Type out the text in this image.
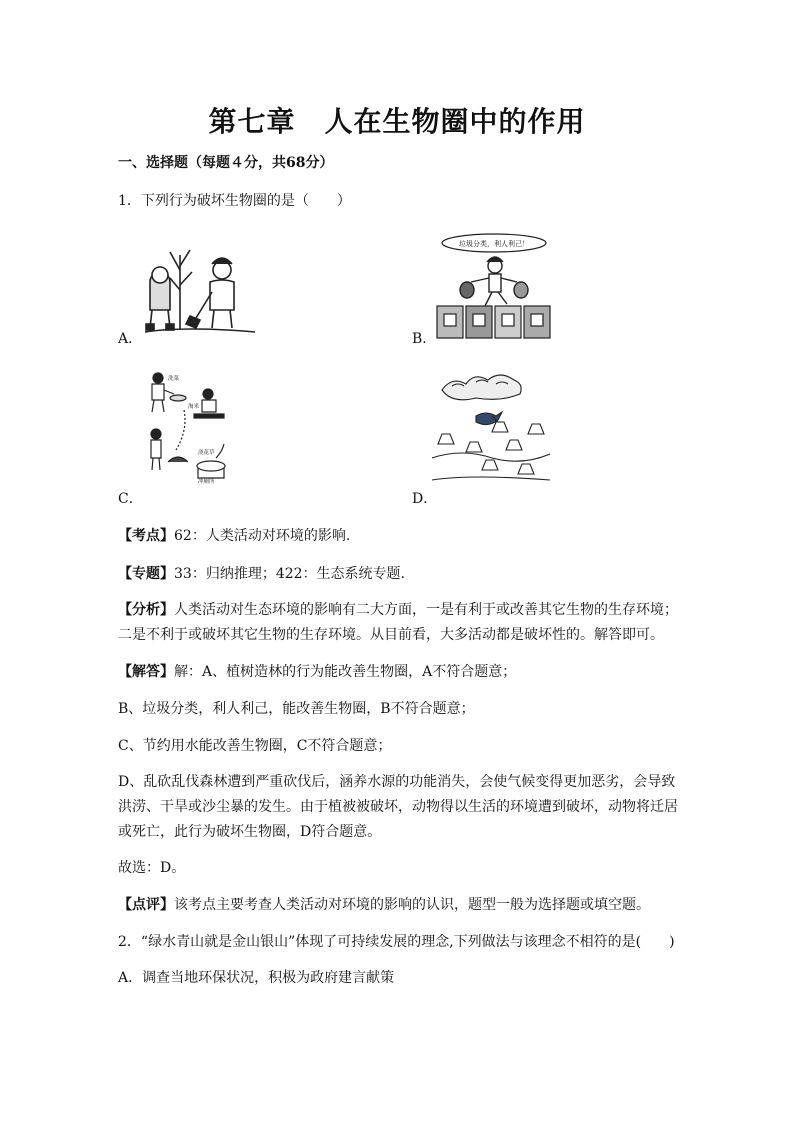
第七章　人在生物圈中的作用
一、选择题（每题４分，共68分）
1．下列行为破坏生物圈的是（　　）
A．
垃圾分类，利人利己！
B．
洗菜
淘米
浇花草
冲厕所
C．	D．
【考点】62：人类活动对环境的影响.
【专题】33：归纳推理；422：生态系统专题.
【分析】人类活动对生态环境的影响有二大方面，一是有利于或改善其它生物的生存环境；二是不利于或破坏其它生物的生存环境。从目前看，大多活动都是破坏性的。解答即可。
【解答】解：A、植树造林的行为能改善生物圈，A不符合题意；
B、垃圾分类，利人利己，能改善生物圈，B不符合题意；
C、节约用水能改善生物圈，C不符合题意；
D、乱砍乱伐森林遭到严重砍伐后，涵养水源的功能消失，会使气候变得更加恶劣，会导致洪涝、干旱或沙尘暴的发生。由于植被被破坏，动物得以生活的环境遭到破坏，动物将迁居或死亡，此行为破坏生物圈，D符合题意。
故选：D。
【点评】该考点主要考查人类活动对环境的影响的认识，题型一般为选择题或填空题。
2．“绿水青山就是金山银山”体现了可持续发展的理念,下列做法与该理念不相符的是(　　)
A．调查当地环保状况，积极为政府建言献策
